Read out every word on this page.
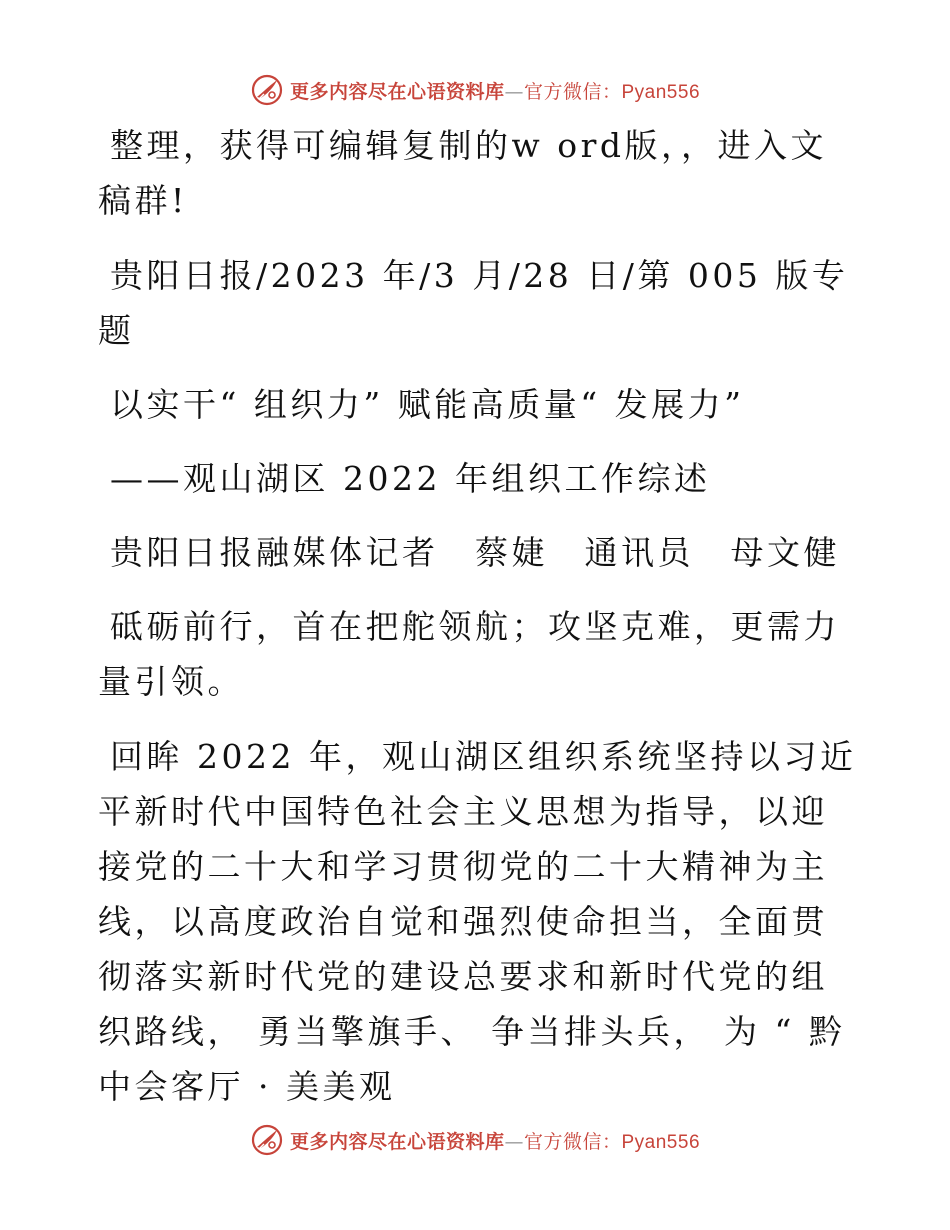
更多内容尽在心语资料库—官方微信：Pyan556

整理，获得可编辑复制的w ord版，，进入文稿群!

贵阳日报/2023 年/3 月/28 日/第 005 版专题

以实干“ 组织力” 赋能高质量“ 发展力”

——观山湖区 2022 年组织工作综述

贵阳日报融媒体记者　蔡婕　通讯员　母文健

砥砺前行，首在把舵领航；攻坚克难，更需力量引领。

回眸 2022 年，观山湖区组织系统坚持以习近平新时代中国特色社会主义思想为指导，以迎接党的二十大和学习贯彻党的二十大精神为主线，以高度政治自觉和强烈使命担当，全面贯彻落实新时代党的建设总要求和新时代党的组织路线， 勇当擎旗手、 争当排头兵， 为 “ 黔中会客厅 · 美美观

更多内容尽在心语资料库—官方微信：Pyan556
